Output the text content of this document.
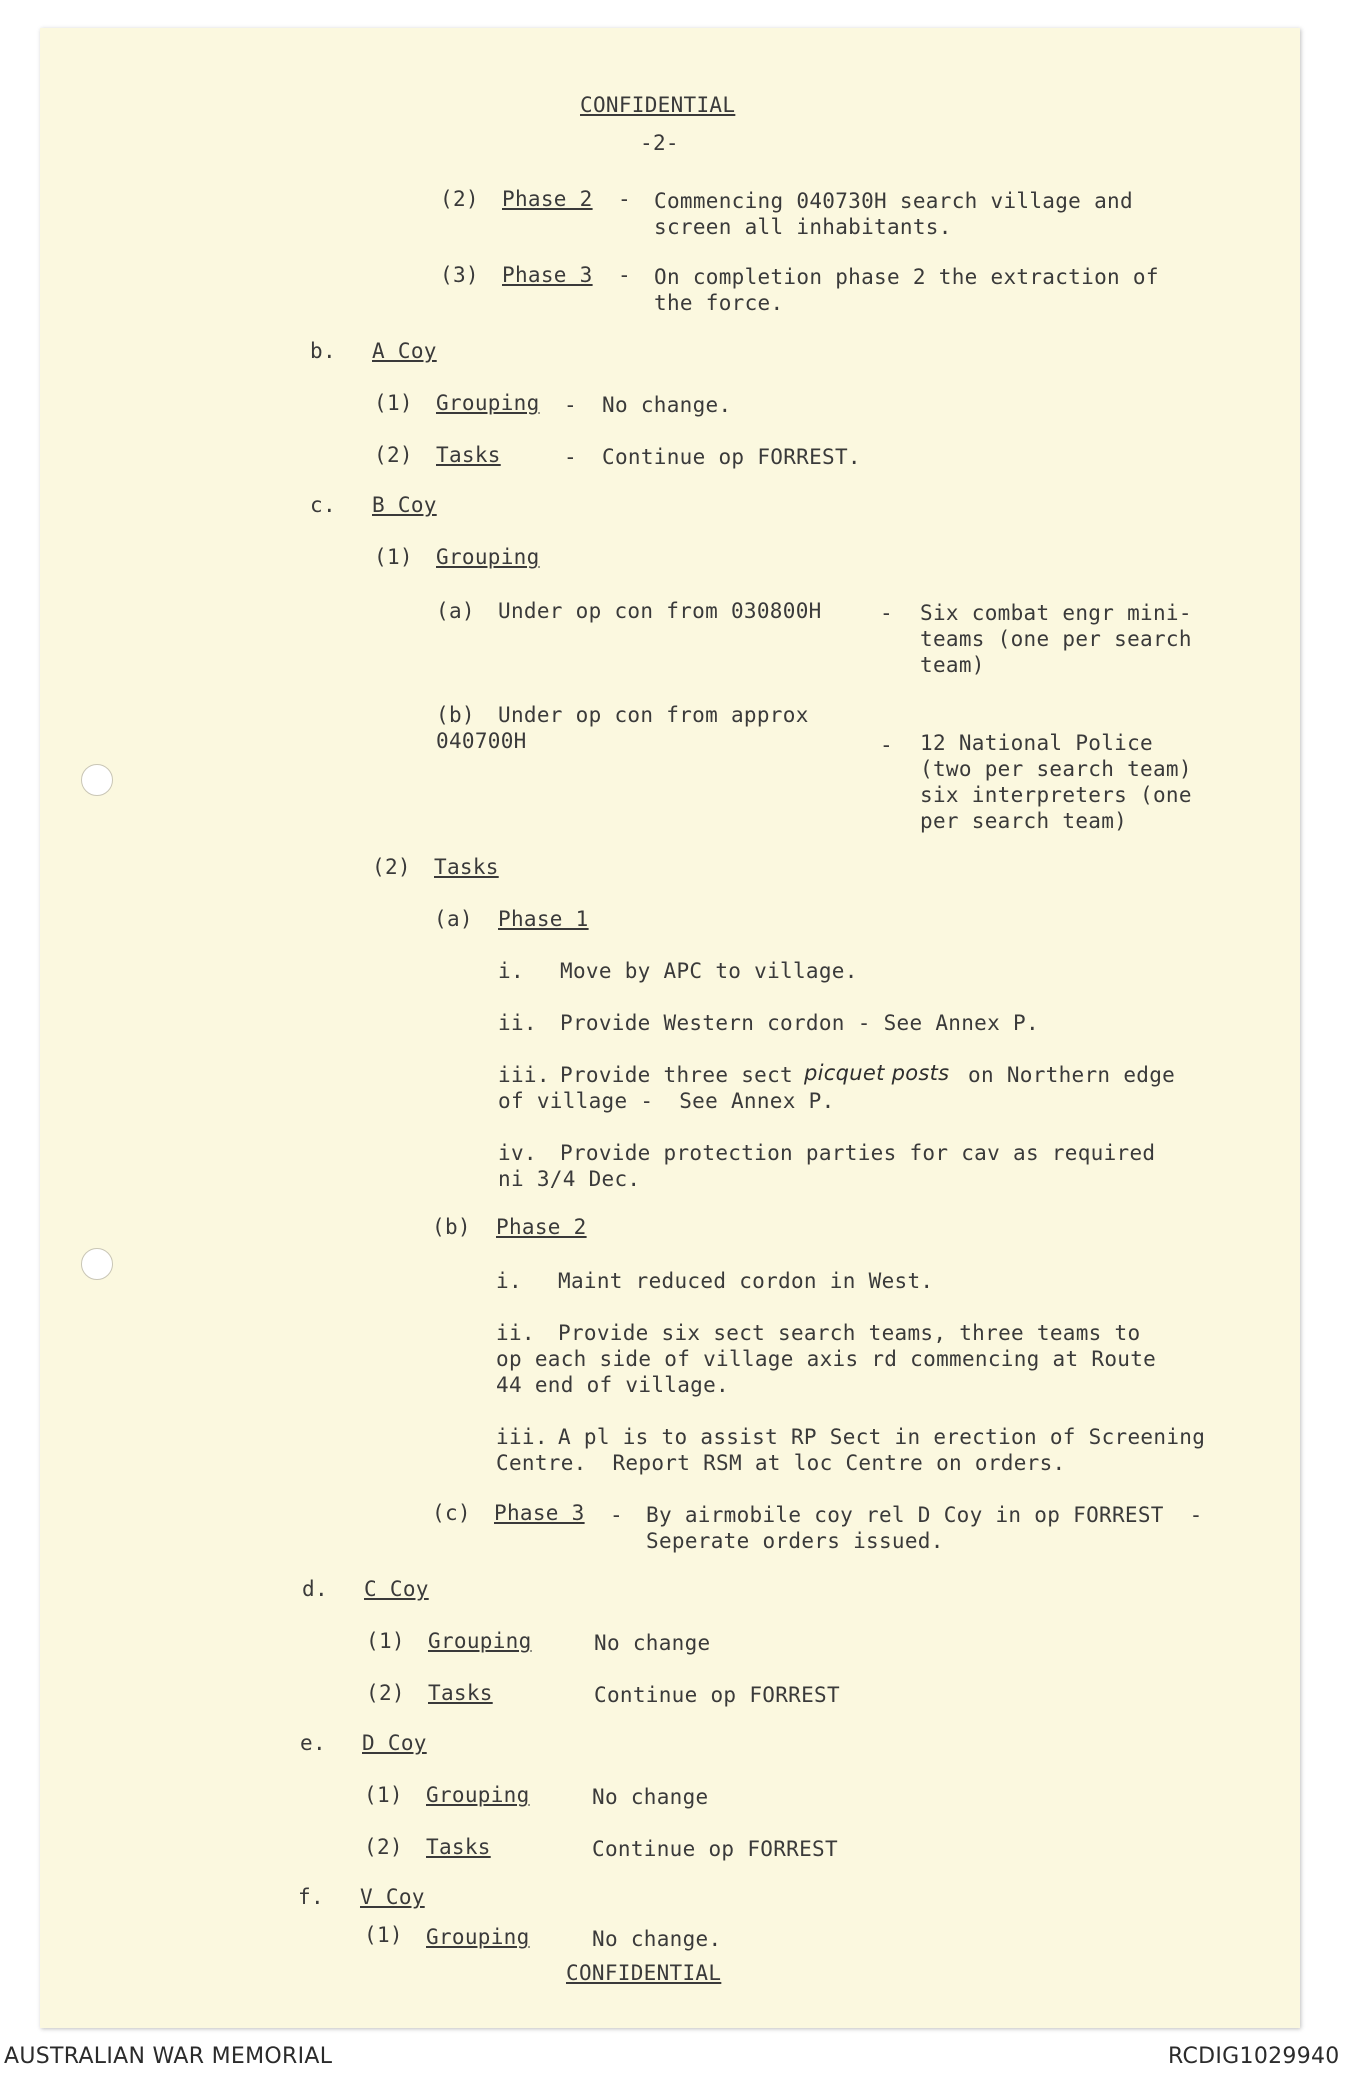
CONFIDENTIAL
-2-
(2) Phase 2 - Commencing 040730H search village and
screen all inhabitants.
(3) Phase 3 - On completion phase 2 the extraction of
the force.
b. A Coy
(1) Grouping - No change.
(2) Tasks	- Continue op FORREST.
c. B Coy
(1) Grouping
(a) Under op con from 030800H	- Six combat engr mini-
teams (one per search
team)
(b) Under op con from approx
040700H	- 12 National Police
(two per search team)
six interpreters (one
per search team)
(2) Tasks
(a) Phase 1
i. Move by APC to village.
ii. Provide Western cordon - See Annex P.
iii. Provide three sect picquet posts on Northern edge
of village -  See Annex P.
iv. Provide protection parties for cav as required
ni 3/4 Dec.
(b) Phase 2
i. Maint reduced cordon in West.
ii. Provide six sect search teams, three teams to
op each side of village axis rd commencing at Route
44 end of village.
iii. A pl is to assist RP Sect in erection of Screening
Centre.  Report RSM at loc Centre on orders.
(c) Phase 3 - By airmobile coy rel D Coy in op FORREST  -
Seperate orders issued.
d. C Coy
(1) Grouping	No change
(2) Tasks	Continue op FORREST
e. D Coy
(1) Grouping	No change
(2) Tasks	Continue op FORREST
f. V Coy
(1) Grouping	No change.
CONFIDENTIAL
AUSTRALIAN WAR MEMORIAL	RCDIG1029940
